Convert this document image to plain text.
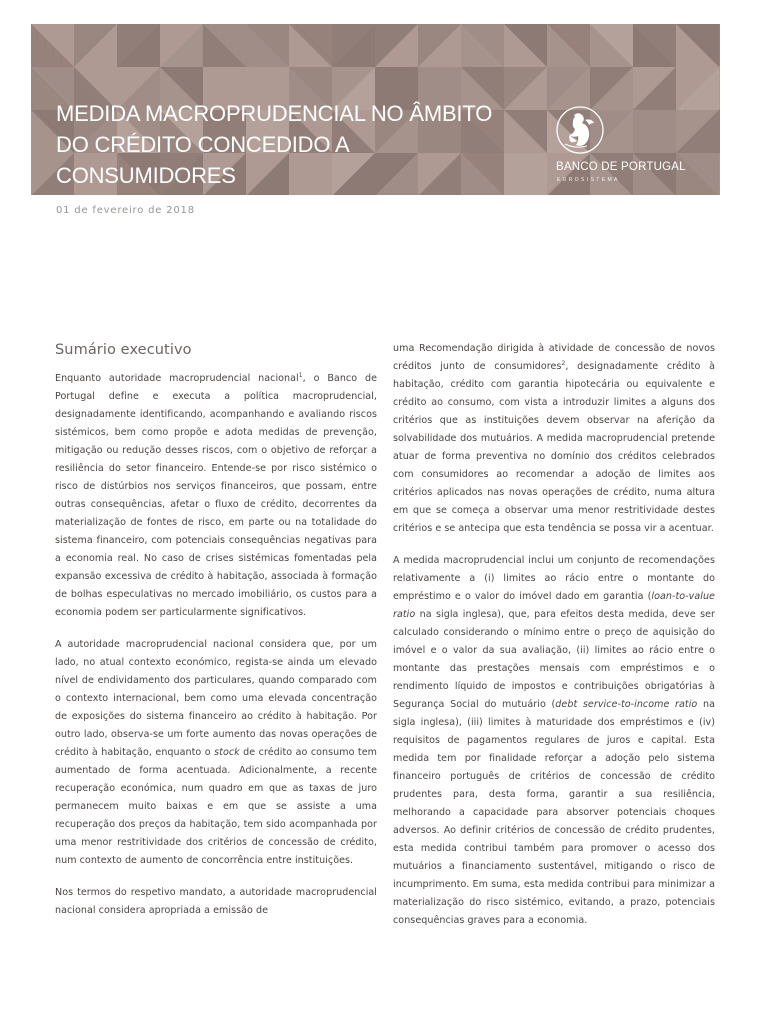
MEDIDA MACROPRUDENCIAL NO ÂMBITO
DO CRÉDITO CONCEDIDO A
CONSUMIDORES	BANCO DE PORTUGAL

EUROSISTEMA

01 de fevereiro de 2018

Sumário executivo

Enquanto autoridade macroprudencial nacional$^1$, o Banco de Portugal define e executa a política macroprudencial, designadamente identificando, acompanhando e avaliando riscos sistémicos, bem como propõe e adota medidas de prevenção, mitigação ou redução desses riscos, com o objetivo de reforçar a resiliência do setor financeiro. Entende-se por risco sistémico o risco de distúrbios nos serviços financeiros, que possam, entre outras consequências, afetar o fluxo de crédito, decorrentes da materialização de fontes de risco, em parte ou na totalidade do sistema financeiro, com potenciais consequências negativas para a economia real. No caso de crises sistémicas fomentadas pela expansão excessiva de crédito à habitação, associada à formação de bolhas especulativas no mercado imobiliário, os custos para a economia podem ser particularmente significativos.

A autoridade macroprudencial nacional considera que, por um lado, no atual contexto económico, regista-se ainda um elevado nível de endividamento dos particulares, quando comparado com o contexto internacional, bem como uma elevada concentração de exposições do sistema financeiro ao crédito à habitação. Por outro lado, observa-se um forte aumento das novas operações de crédito à habitação, enquanto o stock de crédito ao consumo tem aumentado de forma acentuada. Adicionalmente, a recente recuperação económica, num quadro em que as taxas de juro permanecem muito baixas e em que se assiste a uma recuperação dos preços da habitação, tem sido acompanhada por uma menor restritividade dos critérios de concessão de crédito, num contexto de aumento de concorrência entre instituições.

Nos termos do respetivo mandato, a autoridade macroprudencial nacional considera apropriada a emissão de

uma Recomendação dirigida à atividade de concessão de novos créditos junto de consumidores$^2$, designadamente crédito à habitação, crédito com garantia hipotecária ou equivalente e crédito ao consumo, com vista a introduzir limites a alguns dos critérios que as instituições devem observar na aferição da solvabilidade dos mutuários. A medida macroprudencial pretende atuar de forma preventiva no domínio dos créditos celebrados com consumidores ao recomendar a adoção de limites aos critérios aplicados nas novas operações de crédito, numa altura em que se começa a observar uma menor restritividade destes critérios e se antecipa que esta tendência se possa vir a acentuar.

A medida macroprudencial inclui um conjunto de recomendações relativamente a (i) limites ao rácio entre o montante do empréstimo e o valor do imóvel dado em garantia (loan-to-value ratio na sigla inglesa), que, para efeitos desta medida, deve ser calculado considerando o mínimo entre o preço de aquisição do imóvel e o valor da sua avaliação, (ii) limites ao rácio entre o montante das prestações mensais com empréstimos e o rendimento líquido de impostos e contribuições obrigatórias à Segurança Social do mutuário (debt service-to-income ratio na sigla inglesa), (iii) limites à maturidade dos empréstimos e (iv) requisitos de pagamentos regulares de juros e capital. Esta medida tem por finalidade reforçar a adoção pelo sistema financeiro português de critérios de concessão de crédito prudentes para, desta forma, garantir a sua resiliência, melhorando a capacidade para absorver potenciais choques adversos. Ao definir critérios de concessão de crédito prudentes, esta medida contribui também para promover o acesso dos mutuários a financiamento sustentável, mitigando o risco de incumprimento. Em suma, esta medida contribui para minimizar a materialização do risco sistémico, evitando, a prazo, potenciais consequências graves para a economia.
